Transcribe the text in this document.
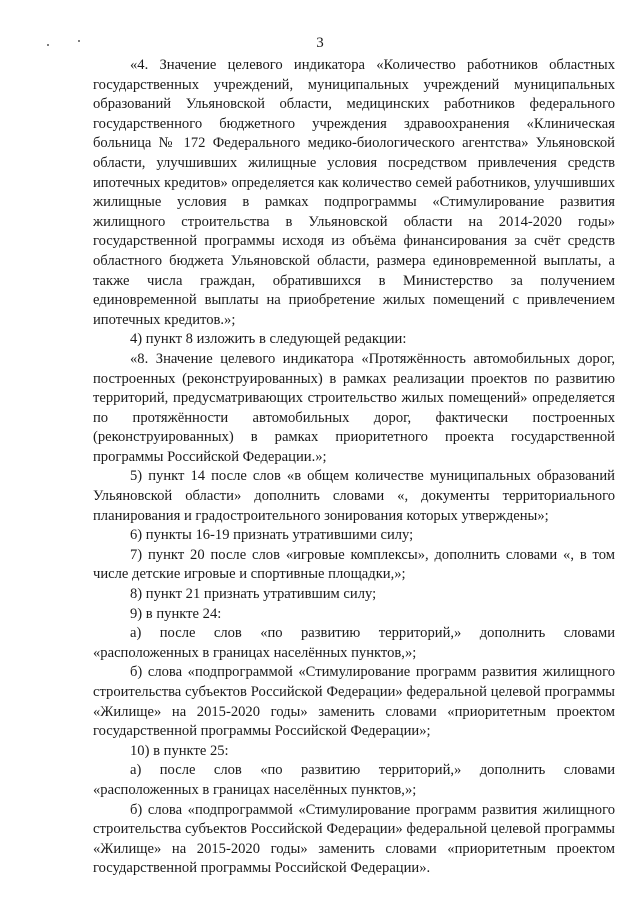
3

«4. Значение целевого индикатора «Количество работников областных государственных учреждений, муниципальных учреждений муниципальных образований Ульяновской области, медицинских работников федерального государственного бюджетного учреждения здравоохранения «Клиническая больница № 172 Федерального медико-биологического агентства» Ульяновской области, улучшивших жилищные условия посредством привлечения средств ипотечных кредитов» определяется как количество семей работников, улучшивших жилищные условия в рамках подпрограммы «Стимулирование развития жилищного строительства в Ульяновской области на 2014-2020 годы» государственной программы исходя из объёма финансирования за счёт средств областного бюджета Ульяновской области, размера единовременной выплаты, а также числа граждан, обратившихся в Министерство за получением единовременной выплаты на приобретение жилых помещений с привлечением ипотечных кредитов.»;

4) пункт 8 изложить в следующей редакции:

«8. Значение целевого индикатора «Протяжённость автомобильных дорог, построенных (реконструированных) в рамках реализации проектов по развитию территорий, предусматривающих строительство жилых помещений» определяется по протяжённости автомобильных дорог, фактически построенных (реконструированных) в рамках приоритетного проекта государственной программы Российской Федерации.»;

5) пункт 14 после слов «в общем количестве муниципальных образований Ульяновской области» дополнить словами «, документы территориального планирования и градостроительного зонирования которых утверждены»;

6) пункты 16-19 признать утратившими силу;

7) пункт 20 после слов «игровые комплексы», дополнить словами «, в том числе детские игровые и спортивные площадки,»;

8) пункт 21 признать утратившим силу;

9) в пункте 24:

а) после слов «по развитию территорий,» дополнить словами «расположенных в границах населённых пунктов,»;

б) слова «подпрограммой «Стимулирование программ развития жилищного строительства субъектов Российской Федерации» федеральной целевой программы «Жилище» на 2015-2020 годы» заменить словами «приоритетным проектом государственной программы Российской Федерации»;

10) в пункте 25:

а) после слов «по развитию территорий,» дополнить словами «расположенных в границах населённых пунктов,»;

б) слова «подпрограммой «Стимулирование программ развития жилищного строительства субъектов Российской Федерации» федеральной целевой программы «Жилище» на 2015-2020 годы» заменить словами «приоритетным проектом государственной программы Российской Федерации».
